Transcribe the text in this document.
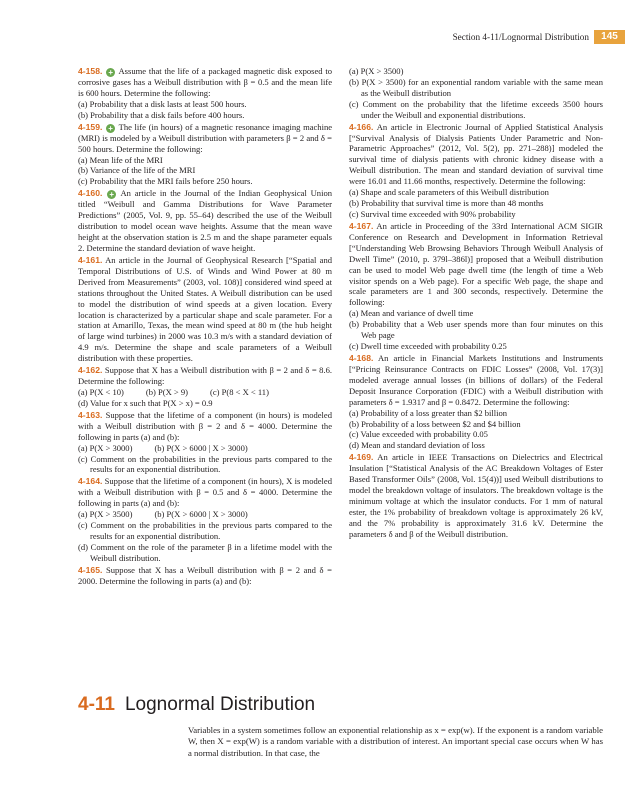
Section 4-11/Lognormal Distribution	145
4-158. + Assume that the life of a packaged magnetic disk exposed to corrosive gases has a Weibull distribution with β = 0.5 and the mean life is 600 hours. Determine the following:
(a) Probability that a disk lasts at least 500 hours.
(b) Probability that a disk fails before 400 hours.
4-159. + The life (in hours) of a magnetic resonance imaging machine (MRI) is modeled by a Weibull distribution with parameters β = 2 and δ = 500 hours. Determine the following:
(a) Mean life of the MRI
(b) Variance of the life of the MRI
(c) Probability that the MRI fails before 250 hours.
4-160. + An article in the Journal of the Indian Geophysical Union titled “Weibull and Gamma Distributions for Wave Parameter Predictions” (2005, Vol. 9, pp. 55–64) described the use of the Weibull distribution to model ocean wave heights. Assume that the mean wave height at the observation station is 2.5 m and the shape parameter equals 2. Determine the standard deviation of wave height.
4-161. An article in the Journal of Geophysical Research [“Spatial and Temporal Distributions of U.S. of Winds and Wind Power at 80 m Derived from Measurements” (2003, vol. 108)] considered wind speed at stations throughout the United States. A Weibull distribution can be used to model the distribution of wind speeds at a given location. Every location is characterized by a particular shape and scale parameter. For a station at Amarillo, Texas, the mean wind speed at 80 m (the hub height of large wind turbines) in 2000 was 10.3 m/s with a standard deviation of 4.9 m/s. Determine the shape and scale parameters of a Weibull distribution with these properties.
4-162. Suppose that X has a Weibull distribution with β = 2 and δ = 8.6. Determine the following:
(a) P(X < 10)	(b) P(X > 9)	(c) P(8 < X < 11)
(d) Value for x such that P(X > x) = 0.9
4-163. Suppose that the lifetime of a component (in hours) is modeled with a Weibull distribution with β = 2 and δ = 4000. Determine the following in parts (a) and (b):
(a) P(X > 3000)	(b) P(X > 6000 | X > 3000)
(c) Comment on the probabilities in the previous parts compared to the results for an exponential distribution.
4-164. Suppose that the lifetime of a component (in hours), X is modeled with a Weibull distribution with β = 0.5 and δ = 4000. Determine the following in parts (a) and (b):
(a) P(X > 3500)	(b) P(X > 6000 | X > 3000)
(c) Comment on the probabilities in the previous parts compared to the results for an exponential distribution.
(d) Comment on the role of the parameter β in a lifetime model with the Weibull distribution.
4-165. Suppose that X has a Weibull distribution with β = 2 and δ = 2000. Determine the following in parts (a) and (b):
(a) P(X > 3500)
(b) P(X > 3500) for an exponential random variable with the same mean as the Weibull distribution
(c) Comment on the probability that the lifetime exceeds 3500 hours under the Weibull and exponential distributions.
4-166. An article in Electronic Journal of Applied Statistical Analysis [“Survival Analysis of Dialysis Patients Under Parametric and Non-Parametric Approaches” (2012, Vol. 5(2), pp. 271–288)] modeled the survival time of dialysis patients with chronic kidney disease with a Weibull distribution. The mean and standard deviation of survival time were 16.01 and 11.66 months, respectively. Determine the following:
(a) Shape and scale parameters of this Weibull distribution
(b) Probability that survival time is more than 48 months
(c) Survival time exceeded with 90% probability
4-167. An article in Proceeding of the 33rd International ACM SIGIR Conference on Research and Development in Information Retrieval [“Understanding Web Browsing Behaviors Through Weibull Analysis of Dwell Time” (2010, p. 379l–386l)] proposed that a Weibull distribution can be used to model Web page dwell time (the length of time a Web visitor spends on a Web page). For a specific Web page, the shape and scale parameters are 1 and 300 seconds, respectively. Determine the following:
(a) Mean and variance of dwell time
(b) Probability that a Web user spends more than four minutes on this Web page
(c) Dwell time exceeded with probability 0.25
4-168. An article in Financial Markets Institutions and Instruments [“Pricing Reinsurance Contracts on FDIC Losses” (2008, Vol. 17(3)] modeled average annual losses (in billions of dollars) of the Federal Deposit Insurance Corporation (FDIC) with a Weibull distribution with parameters δ = 1.9317 and β = 0.8472. Determine the following:
(a) Probability of a loss greater than $2 billion
(b) Probability of a loss between $2 and $4 billion
(c) Value exceeded with probability 0.05
(d) Mean and standard deviation of loss
4-169. An article in IEEE Transactions on Dielectrics and Electrical Insulation [“Statistical Analysis of the AC Breakdown Voltages of Ester Based Transformer Oils” (2008, Vol. 15(4))] used Weibull distributions to model the breakdown voltage of insulators. The breakdown voltage is the minimum voltage at which the insulator conducts. For 1 mm of natural ester, the 1% probability of breakdown voltage is approximately 26 kV, and the 7% probability is approximately 31.6 kV. Determine the parameters δ and β of the Weibull distribution.
4-11 Lognormal Distribution
Variables in a system sometimes follow an exponential relationship as x = exp(w). If the exponent is a random variable W, then X = exp(W) is a random variable with a distribution of interest. An important special case occurs when W has a normal distribution. In that case, the
